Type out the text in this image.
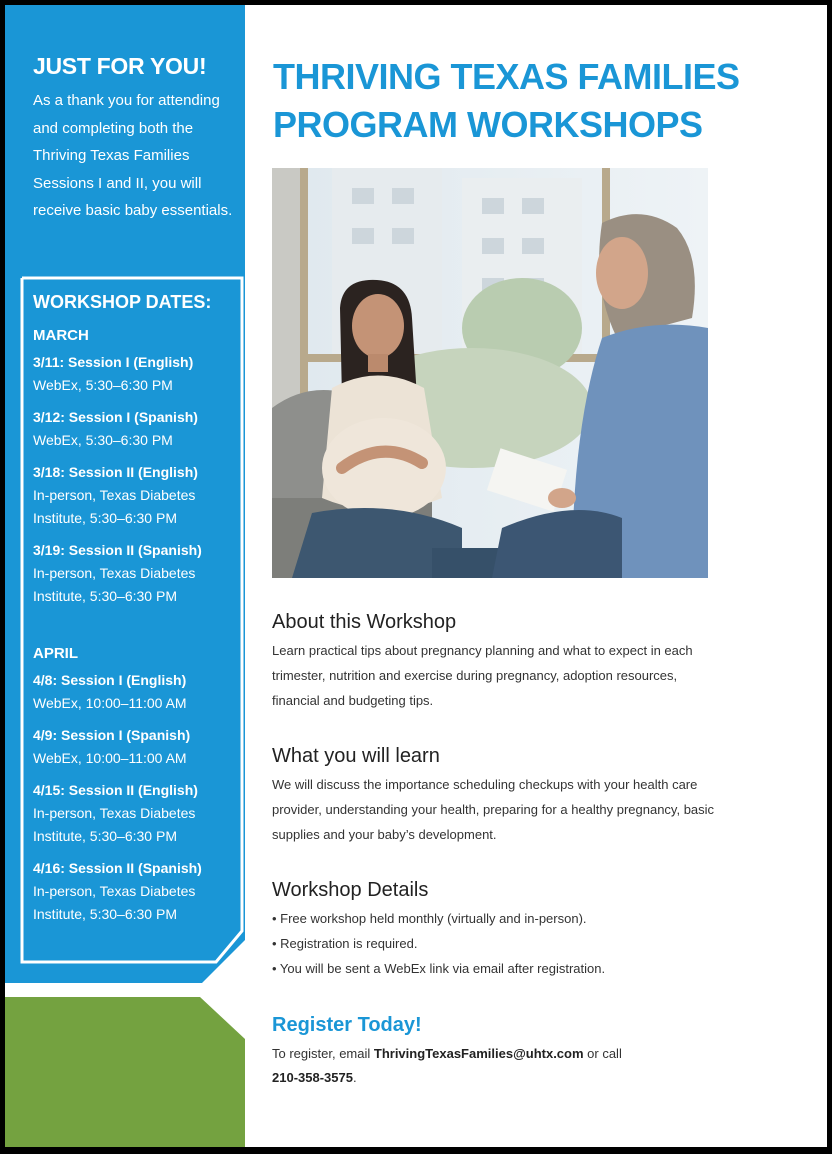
JUST FOR YOU!
As a thank you for attending and completing both the Thriving Texas Families Sessions I and II, you will receive basic baby essentials.
WORKSHOP DATES:
MARCH
3/11: Session I (English)
WebEx, 5:30–6:30 PM
3/12: Session I (Spanish)
WebEx, 5:30–6:30 PM
3/18: Session II (English)
In-person, Texas Diabetes Institute, 5:30–6:30 PM
3/19: Session II (Spanish)
In-person, Texas Diabetes Institute, 5:30–6:30 PM
APRIL
4/8: Session I (English)
WebEx, 10:00–11:00 AM
4/9: Session I (Spanish)
WebEx, 10:00–11:00 AM
4/15: Session II (English)
In-person, Texas Diabetes Institute, 5:30–6:30 PM
4/16: Session II (Spanish)
In-person, Texas Diabetes Institute, 5:30–6:30 PM
THRIVING TEXAS FAMILIES
PROGRAM WORKSHOPS
About this Workshop
Learn practical tips about pregnancy planning and what to expect in each trimester, nutrition and exercise during pregnancy, adoption resources, financial and budgeting tips.
What you will learn
We will discuss the importance scheduling checkups with your health care provider, understanding your health, preparing for a healthy pregnancy, basic supplies and your baby’s development.
Workshop Details

• Free workshop held monthly (virtually and in-person).

• Registration is required.

• You will be sent a WebEx link via email after registration.

Register Today!
To register, email ThrivingTexasFamilies@uhtx.com or call
210-358-3575.
